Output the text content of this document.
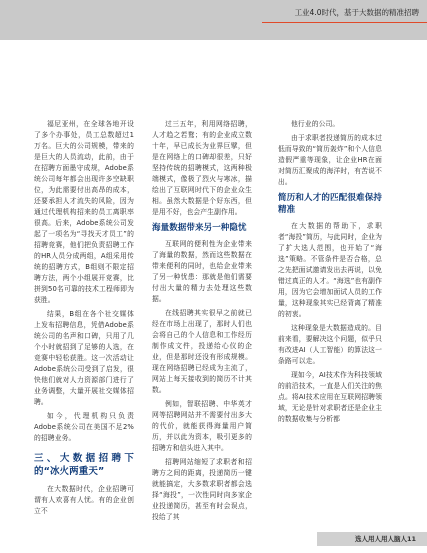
工业4.0时代，基于大数据的精准招聘

福尼亚州，在全球各地开设了多个办事处，员工总数超过1万名。巨大的公司规模，带来的是巨大的人员流动，此前，由于在招聘方面墨守成规，Adobe系统公司每年都会出现许多空缺职位，为此需要付出高昂的成本，还要承担人才流失的风险，因为通过代理机构招来的员工离职率很高。后来，Adobe系统公司发起了一项名为“寻找天才员工”的招聘竞赛，他们把负责招聘工作的HR人员分成两组，A组采用传统的招聘方式，B组则不限定招聘方法，两个小组展开竞赛，比拼到50名可靠的技术工程师即为获胜。

结果，B组在各个社交媒体上发布招聘信息，凭借Adobe系统公司的名声和口碑，只用了几个小时就招到了足够的人选，在竞赛中轻松获胜。这一次活动让Adobe系统公司受到了启发，很快他们就对人力资源部门进行了业务调整，大量开展社交媒体招聘。

如今，代理机构只负责Adobe系统公司在美国不足2%的招聘业务。

三、大数据招聘下的“冰火两重天”

在大数据时代，企业招聘可谓有人欢喜有人忧。有的企业创立不

过三五年，利用网络招聘，人才趋之若鹜；有的企业成立数十年，早已成长为业界巨擘，但是在网络上的口碑却很差，只好坚持传统的招聘模式，这两种极端模式，像极了烈火与寒冰，描绘出了互联网时代下的企业众生相。虽然大数据是个好东西，但是用不好，也会产生副作用。

海量数据带来另一种隐忧

互联网的便利性为企业带来了海量的数据，然而这些数据在带来便利的同时，也给企业带来了另一种忧患：那就是他们需要付出大量的精力去处理这些数据。

在线招聘其实很早之前就已经在市场上出现了，那时人们也会将自己的个人信息和工作经历制作成文件，投递给心仪的企业，但是那时还没有形成规模。现在网络招聘已经成为主流了，网站上每天接收到的简历不计其数。

例如，智联招聘、中华英才网等招聘网站并不需要付出多大的代价，就能获得海量用户简历，并以此为资本，吸引更多的招聘方和信头进入其中。

招聘网站缩短了求职者和招聘方之间的距离，投递简历一键就能搞定，大多数求职者都会选择“海投”，一次性同时向多家企业投递简历，甚至有时会误点，投给了其

他行业的公司。

由于求职者投递简历的成本过低而导致的“简历轰炸”和个人信息造假严重等现象，让企业HR在面对简历汇聚成的海洋时，有苦说不出。

简历和人才的匹配很难保持精准

在大数据的帮助下，求职者“海投”简历，与此同时，企业为了扩大选人范围，也开始了“海选”策略。不管条件是否合格，总之先把面试邀请发出去再说，以免错过真正的人才。“海选”也有副作用，因为它会增加面试人员的工作量，这种现象其实已经背离了精准的初衷。

这种现象是大数据造成的。目前来看，要解决这个问题，似乎只有改进AI（人工智能）的算法这一条路可以走。

现如今，AI技术作为科技领域的前沿技术，一直是人们关注的焦点。将AI技术应用在互联网招聘领域，无论是针对求职者还是企业主的数据收集与分析都

选人用人用人脑人 11
